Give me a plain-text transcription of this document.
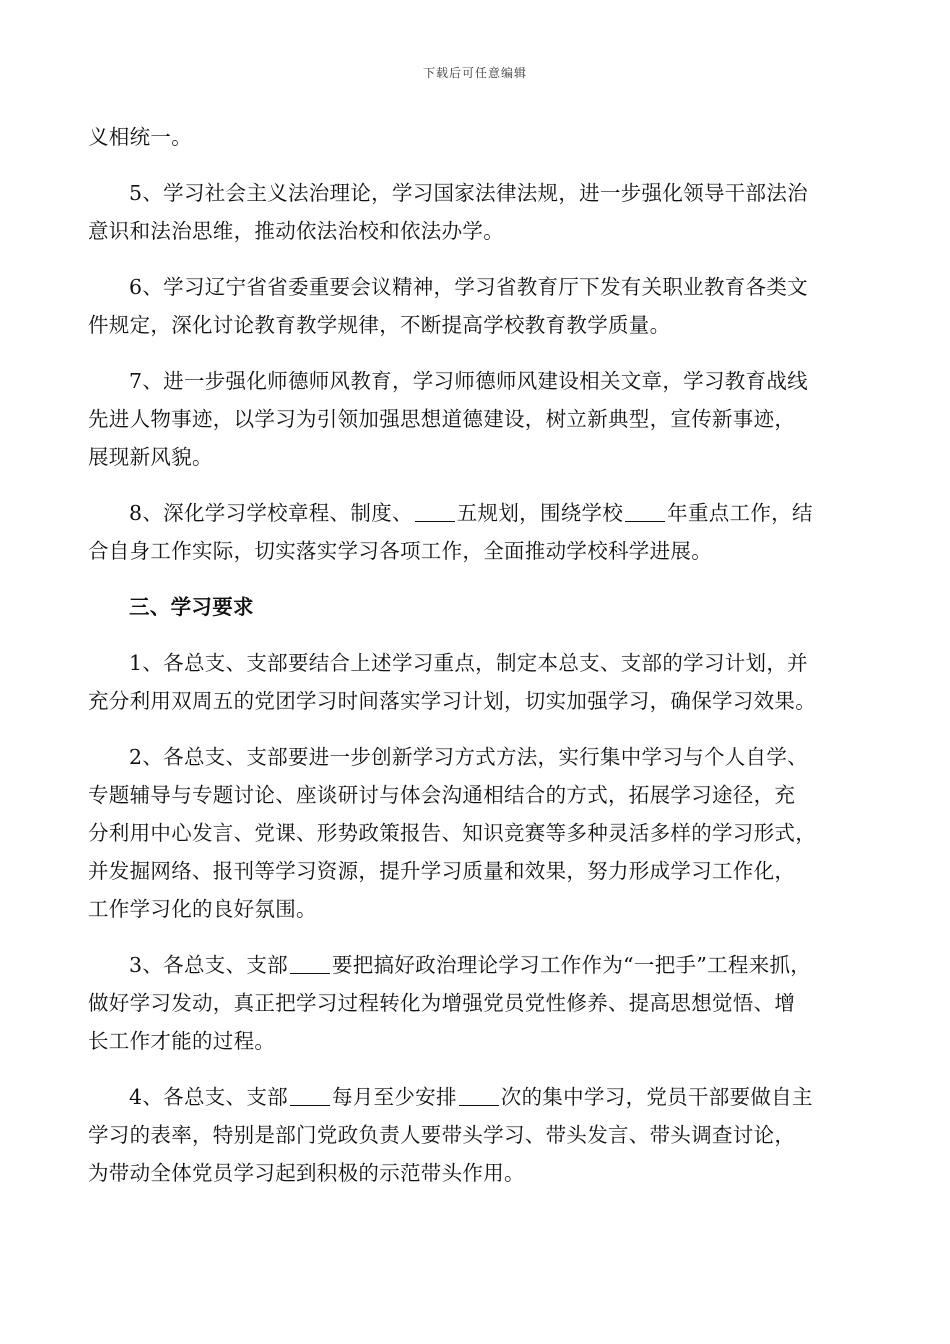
下载后可任意编辑
义相统一。
5、学习社会主义法治理论，学习国家法律法规，进一步强化领导干部法治
意识和法治思维，推动依法治校和依法办学。
6、学习辽宁省省委重要会议精神，学习省教育厅下发有关职业教育各类文
件规定，深化讨论教育教学规律，不断提高学校教育教学质量。
7、进一步强化师德师风教育，学习师德师风建设相关文章，学习教育战线
先进人物事迹，以学习为引领加强思想道德建设，树立新典型，宣传新事迹，
展现新风貌。
8、深化学习学校章程、制度、 五规划，围绕学校 年重点工作，结
合自身工作实际，切实落实学习各项工作，全面推动学校科学进展。
三、学习要求
1、各总支、支部要结合上述学习重点，制定本总支、支部的学习计划，并
充分利用双周五的党团学习时间落实学习计划，切实加强学习，确保学习效果。
2、各总支、支部要进一步创新学习方式方法，实行集中学习与个人自学、
专题辅导与专题讨论、座谈研讨与体会沟通相结合的方式，拓展学习途径，充
分利用中心发言、党课、形势政策报告、知识竞赛等多种灵活多样的学习形式，
并发掘网络、报刊等学习资源，提升学习质量和效果，努力形成学习工作化，
工作学习化的良好氛围。
3、各总支、支部 要把搞好政治理论学习工作作为“一把手”工程来抓，
做好学习发动，真正把学习过程转化为增强党员党性修养、提高思想觉悟、增
长工作才能的过程。
4、各总支、支部 每月至少安排 次的集中学习，党员干部要做自主
学习的表率，特别是部门党政负责人要带头学习、带头发言、带头调查讨论，
为带动全体党员学习起到积极的示范带头作用。
